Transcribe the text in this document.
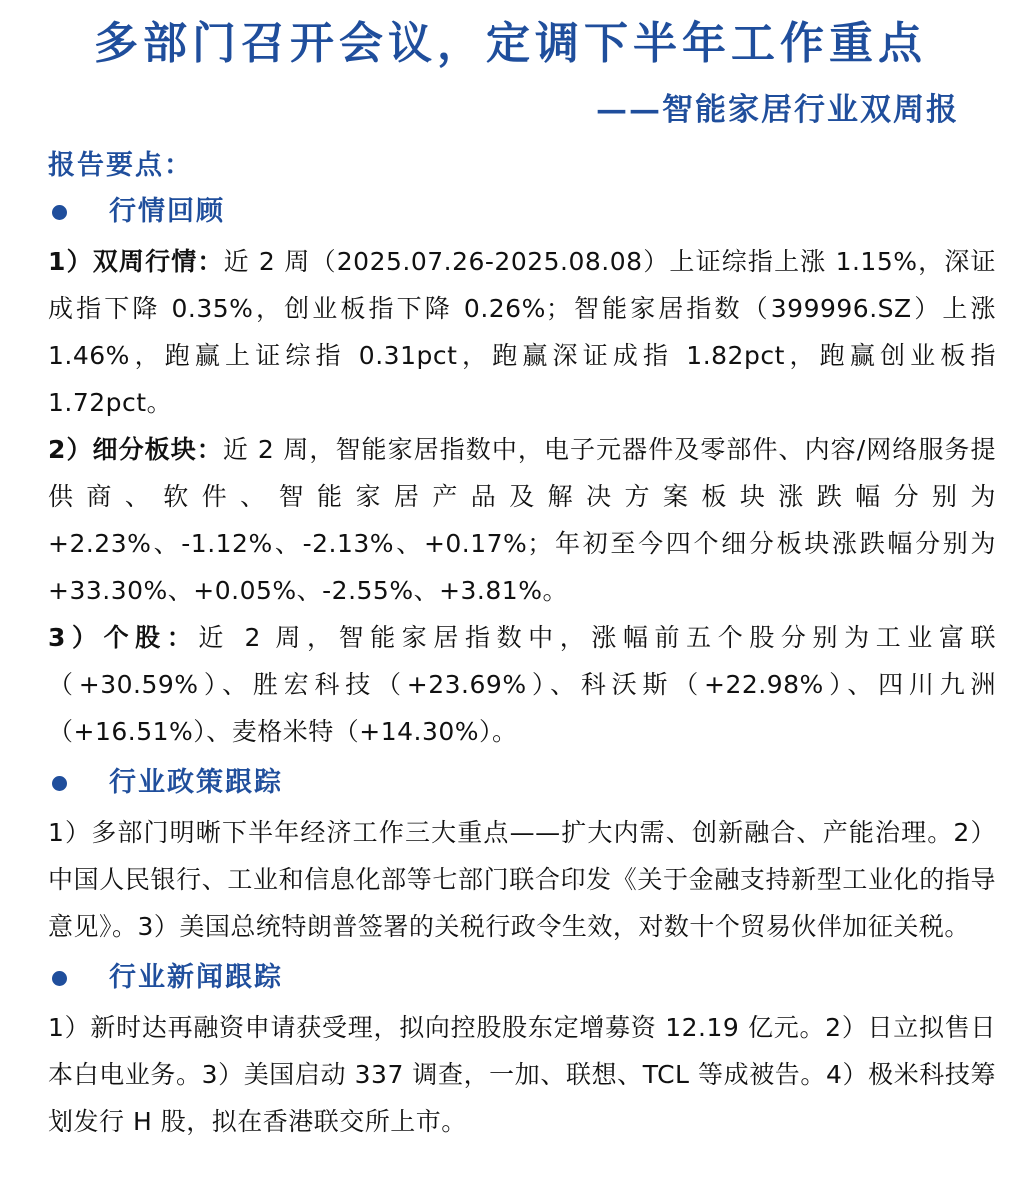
多部门召开会议，定调下半年工作重点
——智能家居行业双周报
报告要点：
行情回顾

1）双周行情：近 2 周（2025.07.26-2025.08.08）上证综指上涨 1.15%，深证成指下降 0.35%，创业板指下降 0.26%；智能家居指数（399996.SZ）上涨 1.46%，跑赢上证综指 0.31pct，跑赢深证成指 1.82pct，跑赢创业板指 1.72pct。

2）细分板块：近 2 周，智能家居指数中，电子元器件及零部件、内容/网络服务提供商、软件、智能家居产品及解决方案板块涨跌幅分别为+2.23%、-1.12%、-2.13%、+0.17%；年初至今四个细分板块涨跌幅分别为+33.30%、+0.05%、-2.55%、+3.81%。

3）个股：近 2 周，智能家居指数中，涨幅前五个股分别为工业富联（+30.59%）、胜宏科技（+23.69%）、科沃斯（+22.98%）、四川九洲（+16.51%）、麦格米特（+14.30%）。

行业政策跟踪

1）多部门明晰下半年经济工作三大重点——扩大内需、创新融合、产能治理。2）中国人民银行、工业和信息化部等七部门联合印发《关于金融支持新型工业化的指导意见》。3）美国总统特朗普签署的关税行政令生效，对数十个贸易伙伴加征关税。

行业新闻跟踪

1）新时达再融资申请获受理，拟向控股股东定增募资 12.19 亿元。2）日立拟售日本白电业务。3）美国启动 337 调查，一加、联想、TCL 等成被告。4）极米科技筹划发行 H 股，拟在香港联交所上市。
